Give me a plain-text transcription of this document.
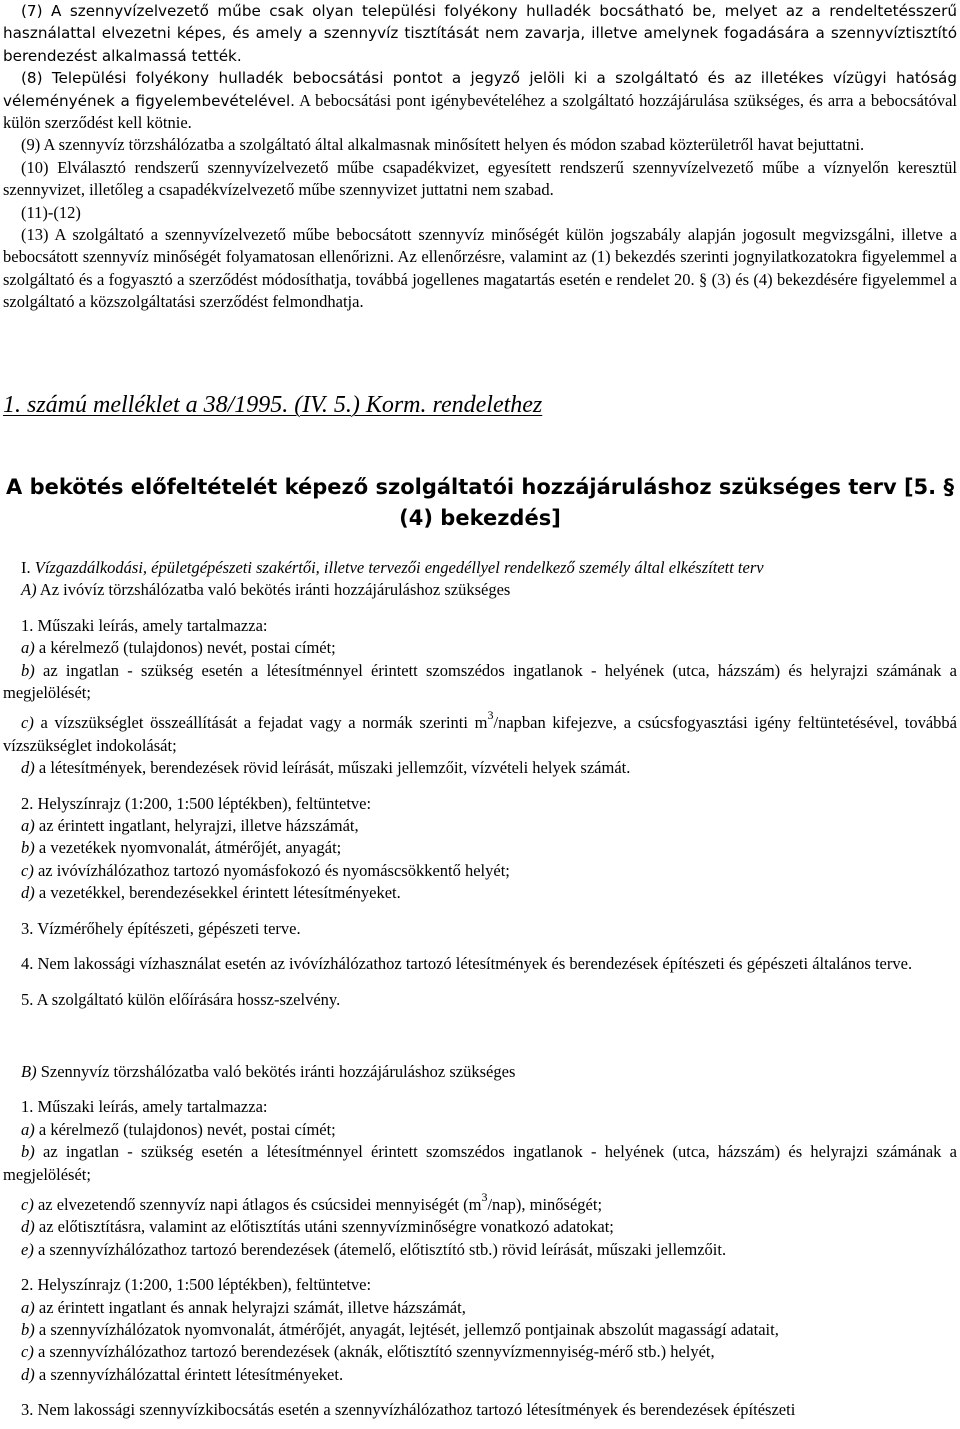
(7) A szennyvízelvezető műbe csak olyan települési folyékony hulladék bocsátható be, melyet az a rendeltetésszerű használattal elvezetni képes, és amely a szennyvíz tisztítását nem zavarja, illetve amelynek fogadására a szennyvíztisztító berendezést alkalmassá tették.

(8) Települési folyékony hulladék bebocsátási pontot a jegyző jelöli ki a szolgáltató és az illetékes vízügyi hatóság véleményének a figyelembevételével. A bebocsátási pont igénybevételéhez a szolgáltató hozzájárulása szükséges, és arra a bebocsátóval külön szerződést kell kötnie.

(9) A szennyvíz törzshálózatba a szolgáltató által alkalmasnak minősített helyen és módon szabad közterületről havat bejuttatni.

(10) Elválasztó rendszerű szennyvízelvezető műbe csapadékvizet, egyesített rendszerű szennyvízelvezető műbe a víznyelőn keresztül szennyvizet, illetőleg a csapadékvízelvezető műbe szennyvizet juttatni nem szabad.

(11)-(12)

(13) A szolgáltató a szennyvízelvezető műbe bebocsátott szennyvíz minőségét külön jogszabály alapján jogosult megvizsgálni, illetve a bebocsátott szennyvíz minőségét folyamatosan ellenőrizni. Az ellenőrzésre, valamint az (1) bekezdés szerinti jognyilatkozatokra figyelemmel a szolgáltató és a fogyasztó a szerződést módosíthatja, továbbá jogellenes magatartás esetén e rendelet 20. § (3) és (4) bekezdésére figyelemmel a szolgáltató a közszolgáltatási szerződést felmondhatja.

1. számú melléklet a 38/1995. (IV. 5.) Korm. rendelethez

A bekötés előfeltételét képező szolgáltatói hozzájáruláshoz szükséges terv [5. § (4) bekezdés]

I. Vízgazdálkodási, épületgépészeti szakértői, illetve tervezői engedéllyel rendelkező személy által elkészített terv

A) Az ivóvíz törzshálózatba való bekötés iránti hozzájáruláshoz szükséges

1. Műszaki leírás, amely tartalmazza:

a) a kérelmező (tulajdonos) nevét, postai címét;

b) az ingatlan - szükség esetén a létesítménnyel érintett szomszédos ingatlanok - helyének (utca, házszám) és helyrajzi számának a megjelölését;

c) a vízszükséglet összeállítását a fejadat vagy a normák szerinti $m^3$/napban kifejezve, a csúcsfogyasztási igény feltüntetésével, továbbá vízszükséglet indokolását;

d) a létesítmények, berendezések rövid leírását, műszaki jellemzőit, vízvételi helyek számát.

2. Helyszínrajz (1:200, 1:500 léptékben), feltüntetve:

a) az érintett ingatlant, helyrajzi, illetve házszámát,

b) a vezetékek nyomvonalát, átmérőjét, anyagát;

c) az ivóvízhálózathoz tartozó nyomásfokozó és nyomáscsökkentő helyét;

d) a vezetékkel, berendezésekkel érintett létesítményeket.

3. Vízmérőhely építészeti, gépészeti terve.

4. Nem lakossági vízhasználat esetén az ivóvízhálózathoz tartozó létesítmények és berendezések építészeti és gépészeti általános terve.

5. A szolgáltató külön előírására hossz-szelvény.

B) Szennyvíz törzshálózatba való bekötés iránti hozzájáruláshoz szükséges

1. Műszaki leírás, amely tartalmazza:

a) a kérelmező (tulajdonos) nevét, postai címét;

b) az ingatlan - szükség esetén a létesítménnyel érintett szomszédos ingatlanok - helyének (utca, házszám) és helyrajzi számának a megjelölését;

c) az elvezetendő szennyvíz napi átlagos és csúcsidei mennyiségét $(m^3/nap)$, minőségét;

d) az előtisztításra, valamint az előtisztítás utáni szennyvízminőségre vonatkozó adatokat;

e) a szennyvízhálózathoz tartozó berendezések (átemelő, előtisztító stb.) rövid leírását, műszaki jellemzőit.

2. Helyszínrajz (1:200, 1:500 léptékben), feltüntetve:

a) az érintett ingatlant és annak helyrajzi számát, illetve házszámát,

b) a szennyvízhálózatok nyomvonalát, átmérőjét, anyagát, lejtését, jellemző pontjainak abszolút magasságí adatait,

c) a szennyvízhálózathoz tartozó berendezések (aknák, előtisztító szennyvízmennyiség-mérő stb.) helyét,

d) a szennyvízhálózattal érintett létesítményeket.

3. Nem lakossági szennyvízkibocsátás esetén a szennyvízhálózathoz tartozó létesítmények és berendezések építészeti
